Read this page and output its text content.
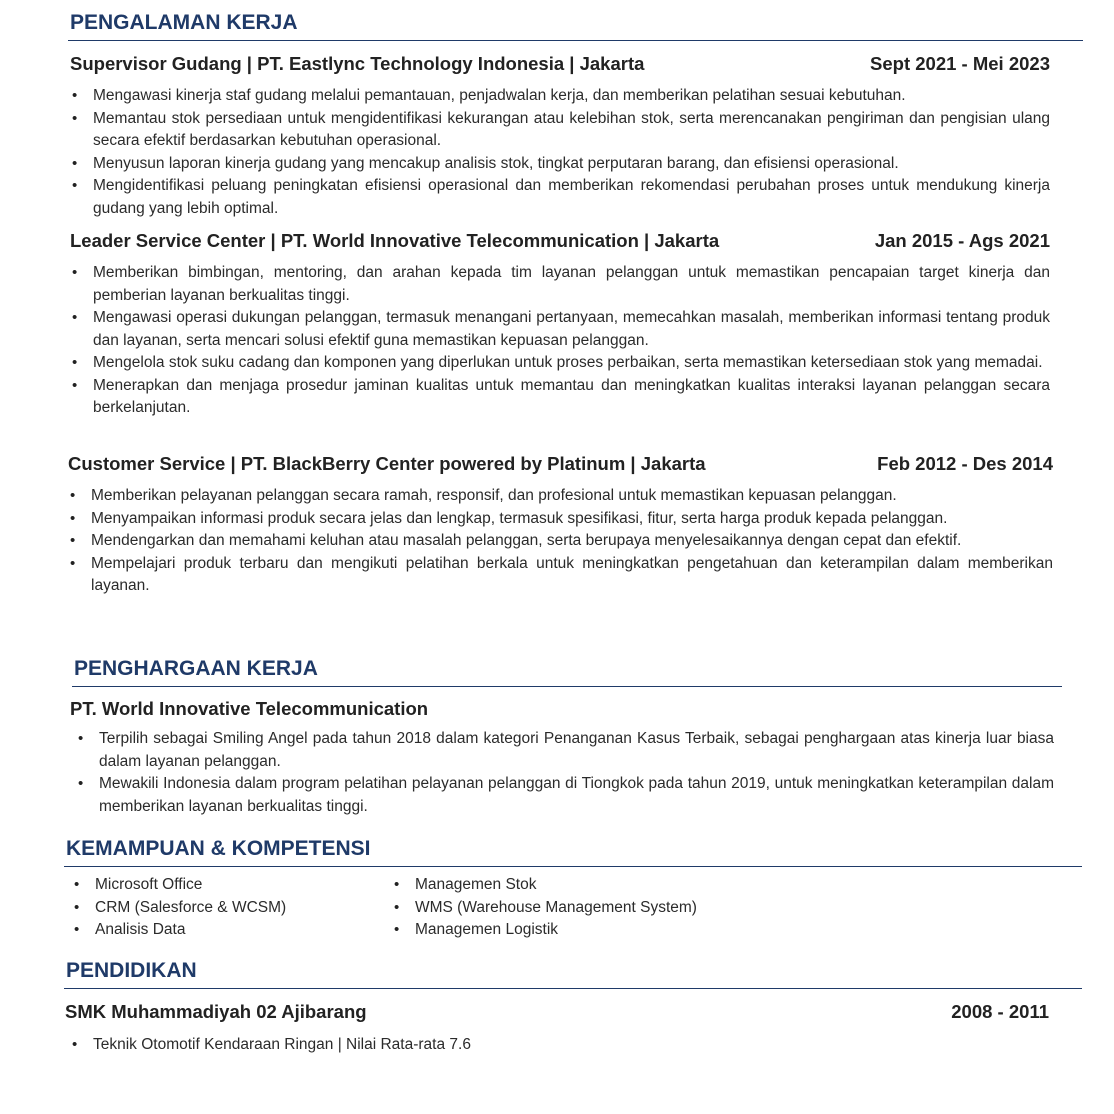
PENGALAMAN KERJA
Supervisor Gudang | PT. Eastlync Technology Indonesia | Jakarta	Sept 2021 - Mei 2023
• Mengawasi kinerja staf gudang melalui pemantauan, penjadwalan kerja, dan memberikan pelatihan sesuai kebutuhan.
• Memantau stok persediaan untuk mengidentifikasi kekurangan atau kelebihan stok, serta merencanakan pengiriman dan pengisian ulang secara efektif berdasarkan kebutuhan operasional.
• Menyusun laporan kinerja gudang yang mencakup analisis stok, tingkat perputaran barang, dan efisiensi operasional.
• Mengidentifikasi peluang peningkatan efisiensi operasional dan memberikan rekomendasi perubahan proses untuk mendukung kinerja gudang yang lebih optimal.
Leader Service Center | PT. World Innovative Telecommunication | Jakarta	Jan 2015 - Ags 2021
• Memberikan bimbingan, mentoring, dan arahan kepada tim layanan pelanggan untuk memastikan pencapaian target kinerja dan pemberian layanan berkualitas tinggi.
• Mengawasi operasi dukungan pelanggan, termasuk menangani pertanyaan, memecahkan masalah, memberikan informasi tentang produk dan layanan, serta mencari solusi efektif guna memastikan kepuasan pelanggan.
• Mengelola stok suku cadang dan komponen yang diperlukan untuk proses perbaikan, serta memastikan ketersediaan stok yang memadai.
• Menerapkan dan menjaga prosedur jaminan kualitas untuk memantau dan meningkatkan kualitas interaksi layanan pelanggan secara berkelanjutan.
Customer Service | PT. BlackBerry Center powered by Platinum | Jakarta	Feb 2012 - Des 2014
• Memberikan pelayanan pelanggan secara ramah, responsif, dan profesional untuk memastikan kepuasan pelanggan.
• Menyampaikan informasi produk secara jelas dan lengkap, termasuk spesifikasi, fitur, serta harga produk kepada pelanggan.
• Mendengarkan dan memahami keluhan atau masalah pelanggan, serta berupaya menyelesaikannya dengan cepat dan efektif.
• Mempelajari produk terbaru dan mengikuti pelatihan berkala untuk meningkatkan pengetahuan dan keterampilan dalam memberikan layanan.
PENGHARGAAN KERJA
PT. World Innovative Telecommunication
• Terpilih sebagai Smiling Angel pada tahun 2018 dalam kategori Penanganan Kasus Terbaik, sebagai penghargaan atas kinerja luar biasa dalam layanan pelanggan.
• Mewakili Indonesia dalam program pelatihan pelayanan pelanggan di Tiongkok pada tahun 2019, untuk meningkatkan keterampilan dalam memberikan layanan berkualitas tinggi.
KEMAMPUAN & KOMPETENSI
• Microsoft Office
• CRM (Salesforce & WCSM)
• Analisis Data
• Managemen Stok
• WMS (Warehouse Management System)
• Managemen Logistik
PENDIDIKAN
SMK Muhammadiyah 02 Ajibarang	2008 - 2011
• Teknik Otomotif Kendaraan Ringan | Nilai Rata-rata 7.6
